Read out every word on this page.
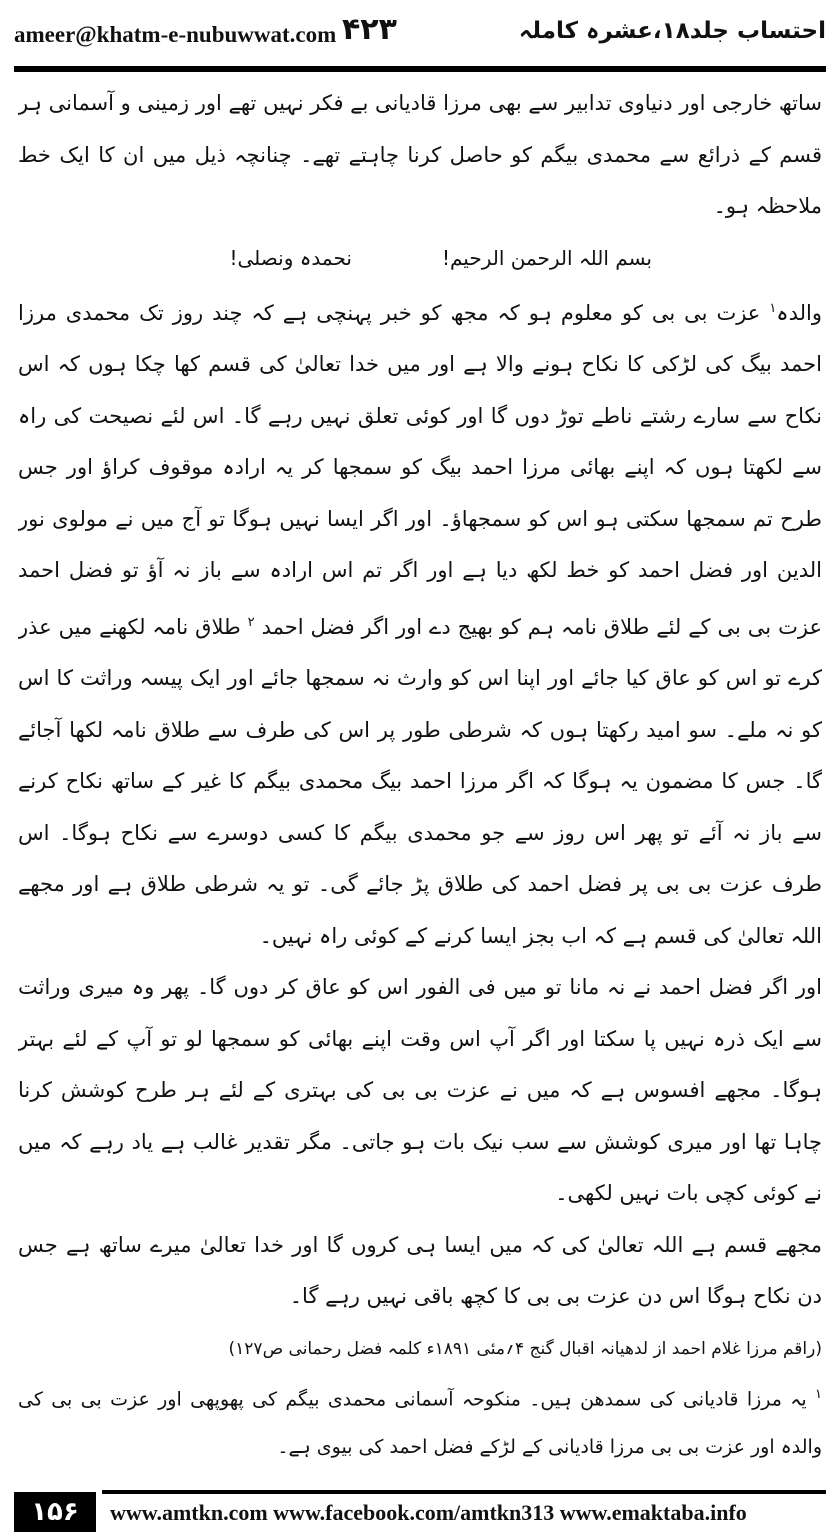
ameer@khatm-e-nubuwwat.com ۴۲۳	احتساب جلد۱۸،عشرہ کاملہ

ساتھ خارجی اور دنیاوی تدابیر سے بھی مرزا قادیانی بے فکر نہیں تھے اور زمینی و آسمانی ہر قسم کے ذرائع سے محمدی بیگم کو حاصل کرنا چاہتے تھے۔ چنانچہ ذیل میں ان کا ایک خط ملاحظہ ہو۔

بسم اللہ الرحمن الرحیم!
نحمدہ ونصلی!

والدہ$^۱$ عزت بی بی کو معلوم ہو کہ مجھ کو خبر پہنچی ہے کہ چند روز تک محمدی مرزا احمد بیگ کی لڑکی کا نکاح ہونے والا ہے اور میں خدا تعالیٰ کی قسم کھا چکا ہوں کہ اس نکاح سے سارے رشتے ناطے توڑ دوں گا اور کوئی تعلق نہیں رہے گا۔ اس لئے نصیحت کی راہ سے لکھتا ہوں کہ اپنے بھائی مرزا احمد بیگ کو سمجھا کر یہ ارادہ موقوف کراؤ اور جس طرح تم سمجھا سکتی ہو اس کو سمجھاؤ۔ اور اگر ایسا نہیں ہوگا تو آج میں نے مولوی نور الدین اور فضل احمد کو خط لکھ دیا ہے اور اگر تم اس ارادہ سے باز نہ آؤ تو فضل احمد عزت بی بی کے لئے طلاق نامہ ہم کو بھیج دے اور اگر فضل احمد $^۲$ طلاق نامہ لکھنے میں عذر کرے تو اس کو عاق کیا جائے اور اپنا اس کو وارث نہ سمجھا جائے اور ایک پیسہ وراثت کا اس کو نہ ملے۔ سو امید رکھتا ہوں کہ شرطی طور پر اس کی طرف سے طلاق نامہ لکھا آجائے گا۔ جس کا مضمون یہ ہوگا کہ اگر مرزا احمد بیگ محمدی بیگم کا غیر کے ساتھ نکاح کرنے سے باز نہ آئے تو پھر اس روز سے جو محمدی بیگم کا کسی دوسرے سے نکاح ہوگا۔ اس طرف عزت بی بی پر فضل احمد کی طلاق پڑ جائے گی۔ تو یہ شرطی طلاق ہے اور مجھے اللہ تعالیٰ کی قسم ہے کہ اب بجز ایسا کرنے کے کوئی راہ نہیں۔

اور اگر فضل احمد نے نہ مانا تو میں فی الفور اس کو عاق کر دوں گا۔ پھر وہ میری وراثت سے ایک ذرہ نہیں پا سکتا اور اگر آپ اس وقت اپنے بھائی کو سمجھا لو تو آپ کے لئے بہتر ہوگا۔ مجھے افسوس ہے کہ میں نے عزت بی بی کی بہتری کے لئے ہر طرح کوشش کرنا چاہا تھا اور میری کوشش سے سب نیک بات ہو جاتی۔ مگر تقدیر غالب ہے یاد رہے کہ میں نے کوئی کچی بات نہیں لکھی۔

مجھے قسم ہے اللہ تعالیٰ کی کہ میں ایسا ہی کروں گا اور خدا تعالیٰ میرے ساتھ ہے جس دن نکاح ہوگا اس دن عزت بی بی کا کچھ باقی نہیں رہے گا۔

(راقم مرزا غلام احمد از لدھیانہ اقبال گنج ۴؍مئی ۱۸۹۱ء کلمہ فضل رحمانی ص۱۲۷)

$^۱$ یہ مرزا قادیانی کی سمدھن ہیں۔ منکوحہ آسمانی محمدی بیگم کی پھوپھی اور عزت بی بی کی والدہ اور عزت بی بی مرزا قادیانی کے لڑکے فضل احمد کی بیوی ہے۔

۱۵۶	www.amtkn.com www.facebook.com/amtkn313 www.emaktaba.info
